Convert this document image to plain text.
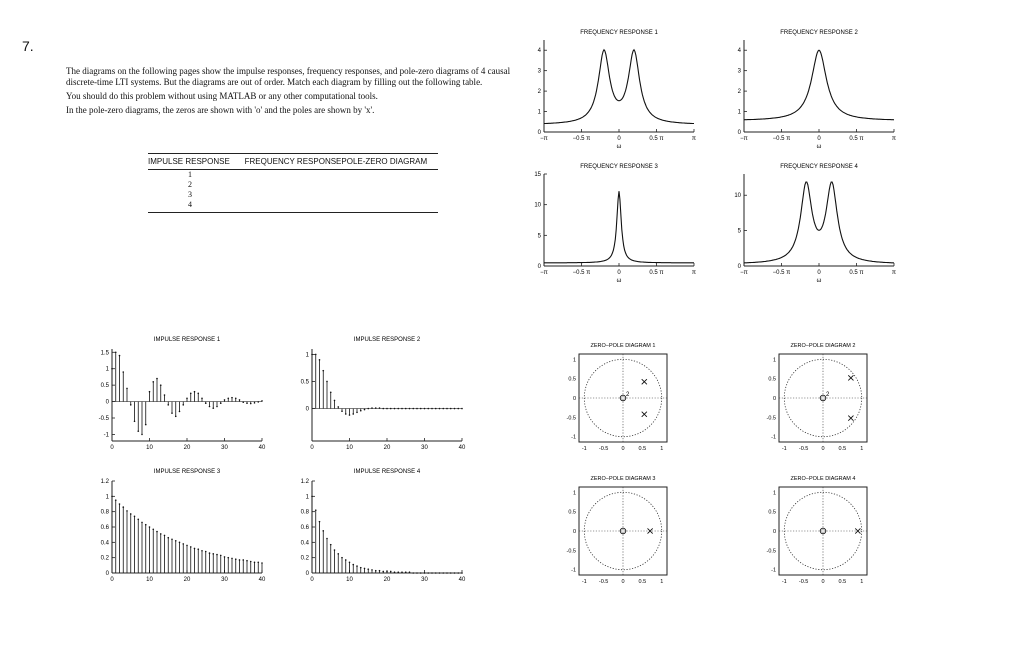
7.

The diagrams on the following pages show the impulse responses, frequency responses, and pole-zero diagrams of 4 causal discrete-time LTI systems. But the diagrams are out of order. Match each diagram by filling out the following table.

You should do this problem without using MATLAB or any other computational tools.

In the pole-zero diagrams, the zeros are shown with 'o' and the poles are shown by 'x'.

IMPULSE RESPONSE	FREQUENCY RESPONSE POLE-ZERO DIAGRAM
1
2
3
4
FREQUENCY RESPONSE 1
0
1
2
3
4
−π	−0.5 π	0	0.5 π	π
ω
FREQUENCY RESPONSE 2
0
1
2
3
4
−π	−0.5 π	0	0.5 π	π
ω
FREQUENCY RESPONSE 3
0
5
10
15
−π	−0.5 π	0	0.5 π	π
ω
FREQUENCY RESPONSE 4
0
5
10
−π	−0.5 π	0	0.5 π	π
ω
IMPULSE RESPONSE 1
1.5
1
0.5
0
-0.5
-1
0	10	20	30	40
IMPULSE RESPONSE 2
1
0.5
0
0	10	20	30	40
IMPULSE RESPONSE 3
1.2
1
0.8
0.6
0.4
0.2
0
0	10	20	30	40
IMPULSE RESPONSE 4
1.2
1
0.8
0.6
0.4
0.2
0
0	10	20	30	40
ZERO−POLE DIAGRAM 1
-1 -0.5 0	0.5	1
1
0.5
0
-0.5
-1
2
ZERO−POLE DIAGRAM 2
-1 -0.5 0	0.5	1
1
0.5
0
-0.5
-1
2
ZERO−POLE DIAGRAM 3
-1 -0.5 0	0.5	1
1
0.5
0
-0.5
-1
ZERO−POLE DIAGRAM 4
-1 -0.5 0	0.5	1
1
0.5
0
-0.5
-1
